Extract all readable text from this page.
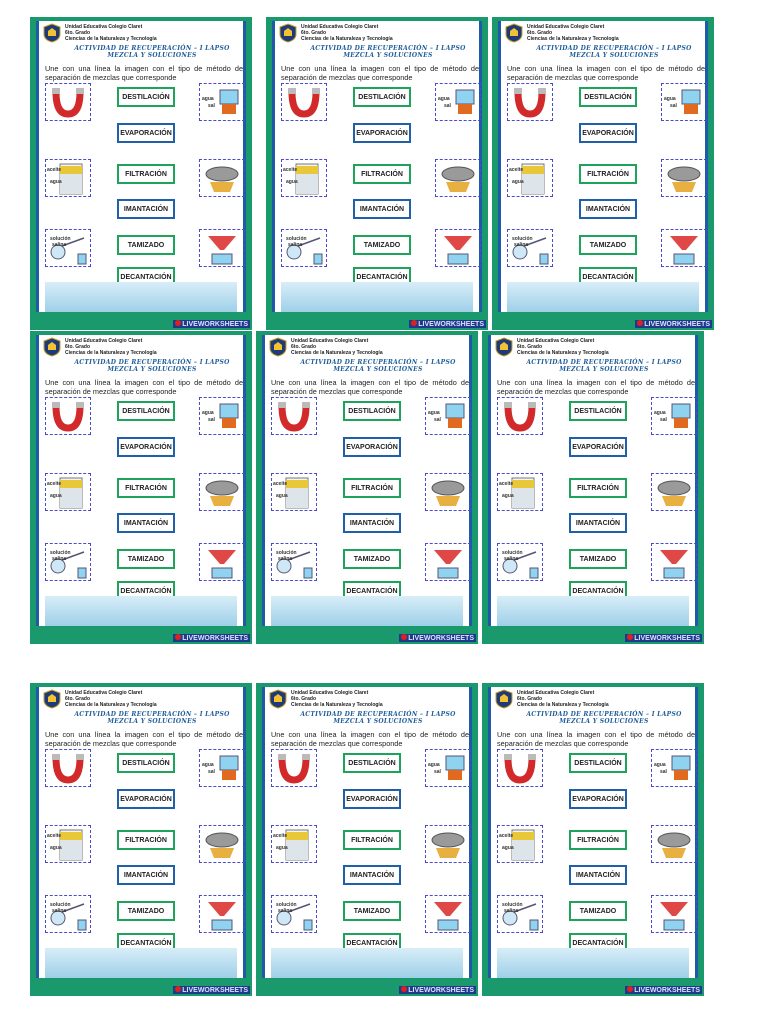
Unidad Educativa Colegio Claret
6to. Grado
Ciencias de la Naturaleza y Tecnología
ACTIVIDAD DE RECUPERACIÓN – I LAPSO
MEZCLA Y SOLUCIONES
Une con una línea la imagen con el tipo de método de separación de mezclas que corresponde
agua
sal
aceite
agua
solución
salina
DESTILACIÓN
EVAPORACIÓN
FILTRACIÓN
IMANTACIÓN
TAMIZADO
DECANTACIÓN
LIVEWORKSHEETS
Unidad Educativa Colegio Claret
6to. Grado
Ciencias de la Naturaleza y Tecnología
ACTIVIDAD DE RECUPERACIÓN – I LAPSO
MEZCLA Y SOLUCIONES
Une con una línea la imagen con el tipo de método de separación de mezclas que corresponde
agua
sal
aceite
agua
solución
salina
DESTILACIÓN
EVAPORACIÓN
FILTRACIÓN
IMANTACIÓN
TAMIZADO
DECANTACIÓN
LIVEWORKSHEETS
Unidad Educativa Colegio Claret
6to. Grado
Ciencias de la Naturaleza y Tecnología
ACTIVIDAD DE RECUPERACIÓN – I LAPSO
MEZCLA Y SOLUCIONES
Une con una línea la imagen con el tipo de método de separación de mezclas que corresponde
agua
sal
aceite
agua
solución
salina
DESTILACIÓN
EVAPORACIÓN
FILTRACIÓN
IMANTACIÓN
TAMIZADO
DECANTACIÓN
LIVEWORKSHEETS
Unidad Educativa Colegio Claret
6to. Grado
Ciencias de la Naturaleza y Tecnología
ACTIVIDAD DE RECUPERACIÓN – I LAPSO
MEZCLA Y SOLUCIONES
Une con una línea la imagen con el tipo de método de separación de mezclas que corresponde
agua
sal
aceite
agua
solución
salina
DESTILACIÓN
EVAPORACIÓN
FILTRACIÓN
IMANTACIÓN
TAMIZADO
DECANTACIÓN
LIVEWORKSHEETS
Unidad Educativa Colegio Claret
6to. Grado
Ciencias de la Naturaleza y Tecnología
ACTIVIDAD DE RECUPERACIÓN – I LAPSO
MEZCLA Y SOLUCIONES
Une con una línea la imagen con el tipo de método de separación de mezclas que corresponde
agua
sal
aceite
agua
solución
salina
DESTILACIÓN
EVAPORACIÓN
FILTRACIÓN
IMANTACIÓN
TAMIZADO
DECANTACIÓN
LIVEWORKSHEETS
Unidad Educativa Colegio Claret
6to. Grado
Ciencias de la Naturaleza y Tecnología
ACTIVIDAD DE RECUPERACIÓN – I LAPSO
MEZCLA Y SOLUCIONES
Une con una línea la imagen con el tipo de método de separación de mezclas que corresponde
agua
sal
aceite
agua
solución
salina
DESTILACIÓN
EVAPORACIÓN
FILTRACIÓN
IMANTACIÓN
TAMIZADO
DECANTACIÓN
LIVEWORKSHEETS
Unidad Educativa Colegio Claret
6to. Grado
Ciencias de la Naturaleza y Tecnología
ACTIVIDAD DE RECUPERACIÓN – I LAPSO
MEZCLA Y SOLUCIONES
Une con una línea la imagen con el tipo de método de separación de mezclas que corresponde
agua
sal
aceite
agua
solución
salina
DESTILACIÓN
EVAPORACIÓN
FILTRACIÓN
IMANTACIÓN
TAMIZADO
DECANTACIÓN
LIVEWORKSHEETS
Unidad Educativa Colegio Claret
6to. Grado
Ciencias de la Naturaleza y Tecnología
ACTIVIDAD DE RECUPERACIÓN – I LAPSO
MEZCLA Y SOLUCIONES
Une con una línea la imagen con el tipo de método de separación de mezclas que corresponde
agua
sal
aceite
agua
solución
salina
DESTILACIÓN
EVAPORACIÓN
FILTRACIÓN
IMANTACIÓN
TAMIZADO
DECANTACIÓN
LIVEWORKSHEETS
Unidad Educativa Colegio Claret
6to. Grado
Ciencias de la Naturaleza y Tecnología
ACTIVIDAD DE RECUPERACIÓN – I LAPSO
MEZCLA Y SOLUCIONES
Une con una línea la imagen con el tipo de método de separación de mezclas que corresponde
agua
sal
aceite
agua
solución
salina
DESTILACIÓN
EVAPORACIÓN
FILTRACIÓN
IMANTACIÓN
TAMIZADO
DECANTACIÓN
LIVEWORKSHEETS
